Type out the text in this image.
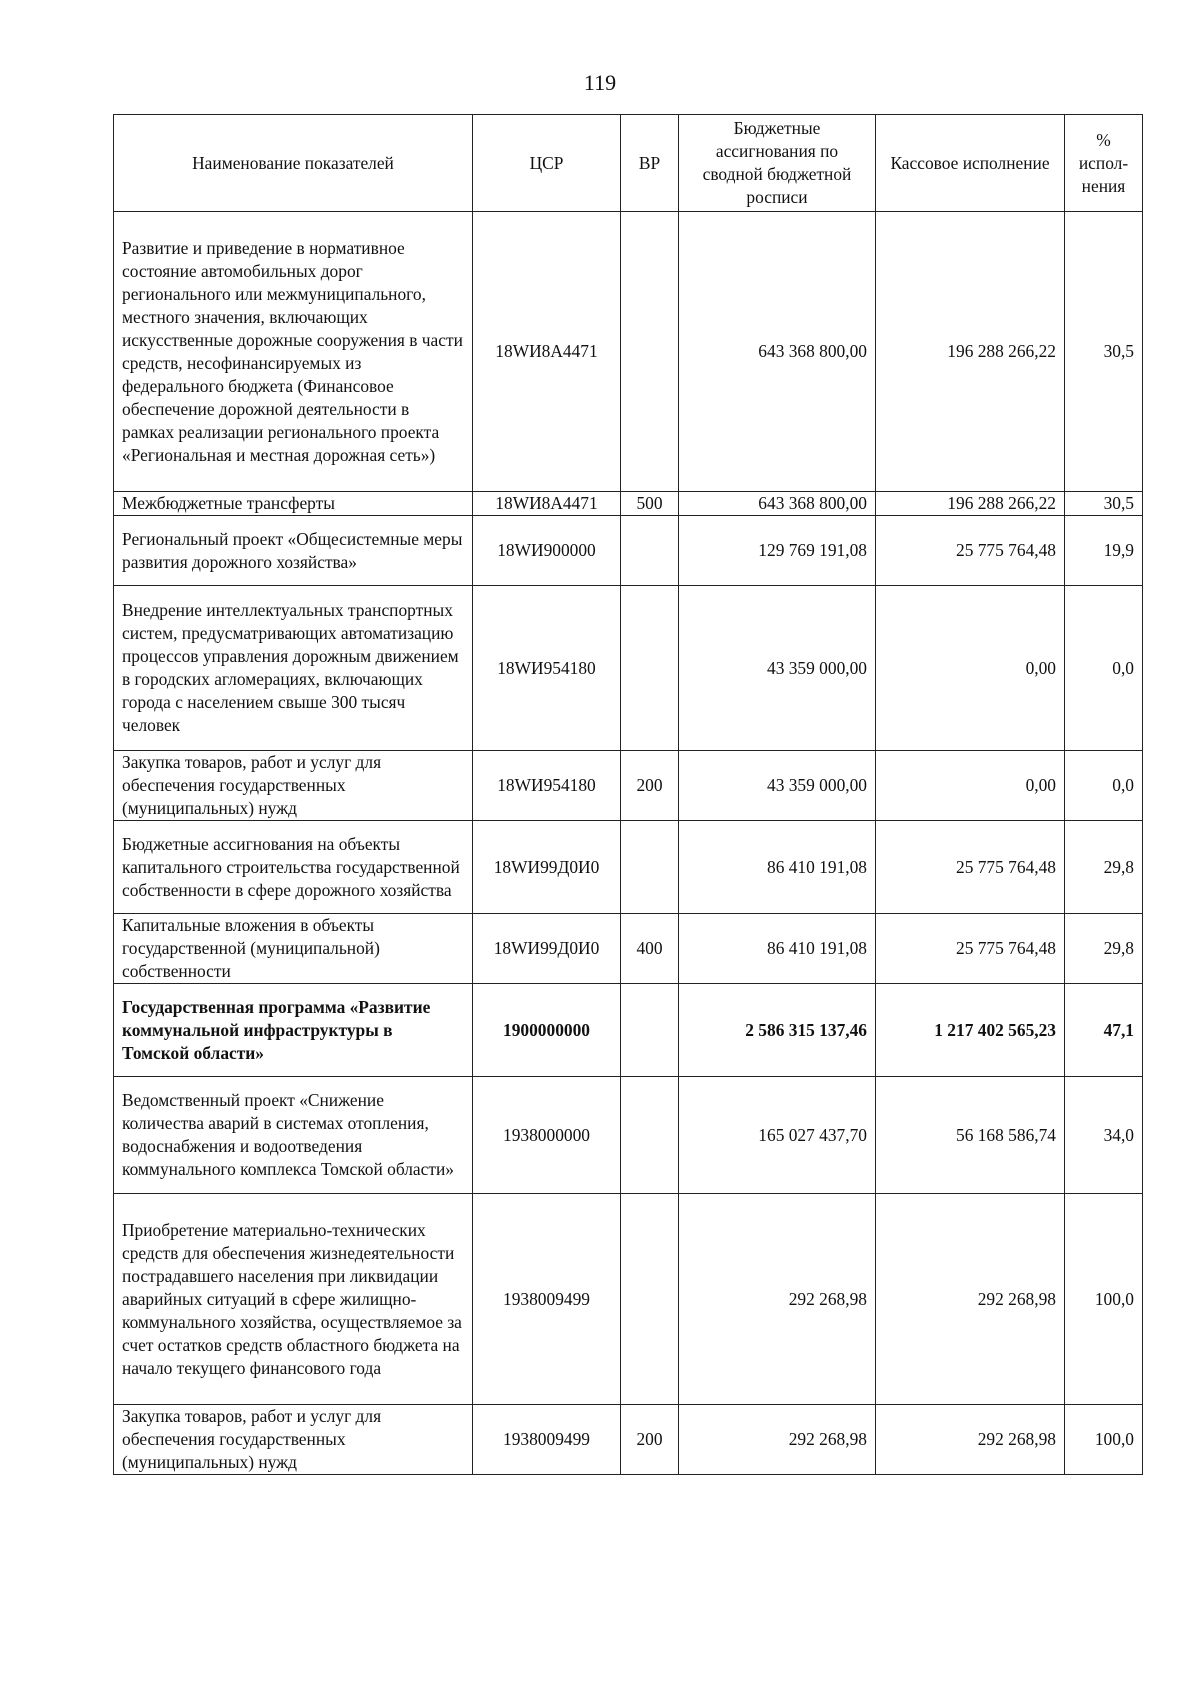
119
Наименование показателей	ЦСР	ВР	Бюджетные ассигнования по сводной бюджетной росписи	Кассовое исполнение	% испол-нения
Развитие и приведение в нормативное состояние автомобильных дорог регионального или межмуниципального, местного значения, включающих искусственные дорожные сооружения в части средств, несофинансируемых из федерального бюджета (Финансовое обеспечение дорожной деятельности в рамках реализации регионального проекта «Региональная и местная дорожная сеть»)	18WИ8А4471		643 368 800,00	196 288 266,22	30,5
Межбюджетные трансферты	18WИ8А4471	500	643 368 800,00	196 288 266,22	30,5
Региональный проект «Общесистемные меры развития дорожного хозяйства»	18WИ900000		129 769 191,08	25 775 764,48	19,9
Внедрение интеллектуальных транспортных систем, предусматривающих автоматизацию процессов управления дорожным движением в городских агломерациях, включающих города с населением свыше 300 тысяч человек	18WИ954180		43 359 000,00	0,00	0,0
Закупка товаров, работ и услуг для обеспечения государственных (муниципальных) нужд	18WИ954180	200	43 359 000,00	0,00	0,0
Бюджетные ассигнования на объекты капитального строительства государственной собственности в сфере дорожного хозяйства	18WИ99Д0И0		86 410 191,08	25 775 764,48	29,8
Капитальные вложения в объекты государственной (муниципальной) собственности	18WИ99Д0И0	400	86 410 191,08	25 775 764,48	29,8
Государственная программа «Развитие коммунальной инфраструктуры в Томской области»	1900000000		2 586 315 137,46	1 217 402 565,23	47,1
Ведомственный проект «Снижение количества аварий в системах отопления, водоснабжения и водоотведения коммунального комплекса Томской области»	1938000000		165 027 437,70	56 168 586,74	34,0
Приобретение материально-технических средств для обеспечения жизнедеятельности пострадавшего населения при ликвидации аварийных ситуаций в сфере жилищно-коммунального хозяйства, осуществляемое за счет остатков средств областного бюджета на начало текущего финансового года	1938009499		292 268,98	292 268,98	100,0
Закупка товаров, работ и услуг для обеспечения государственных (муниципальных) нужд	1938009499	200	292 268,98	292 268,98	100,0
